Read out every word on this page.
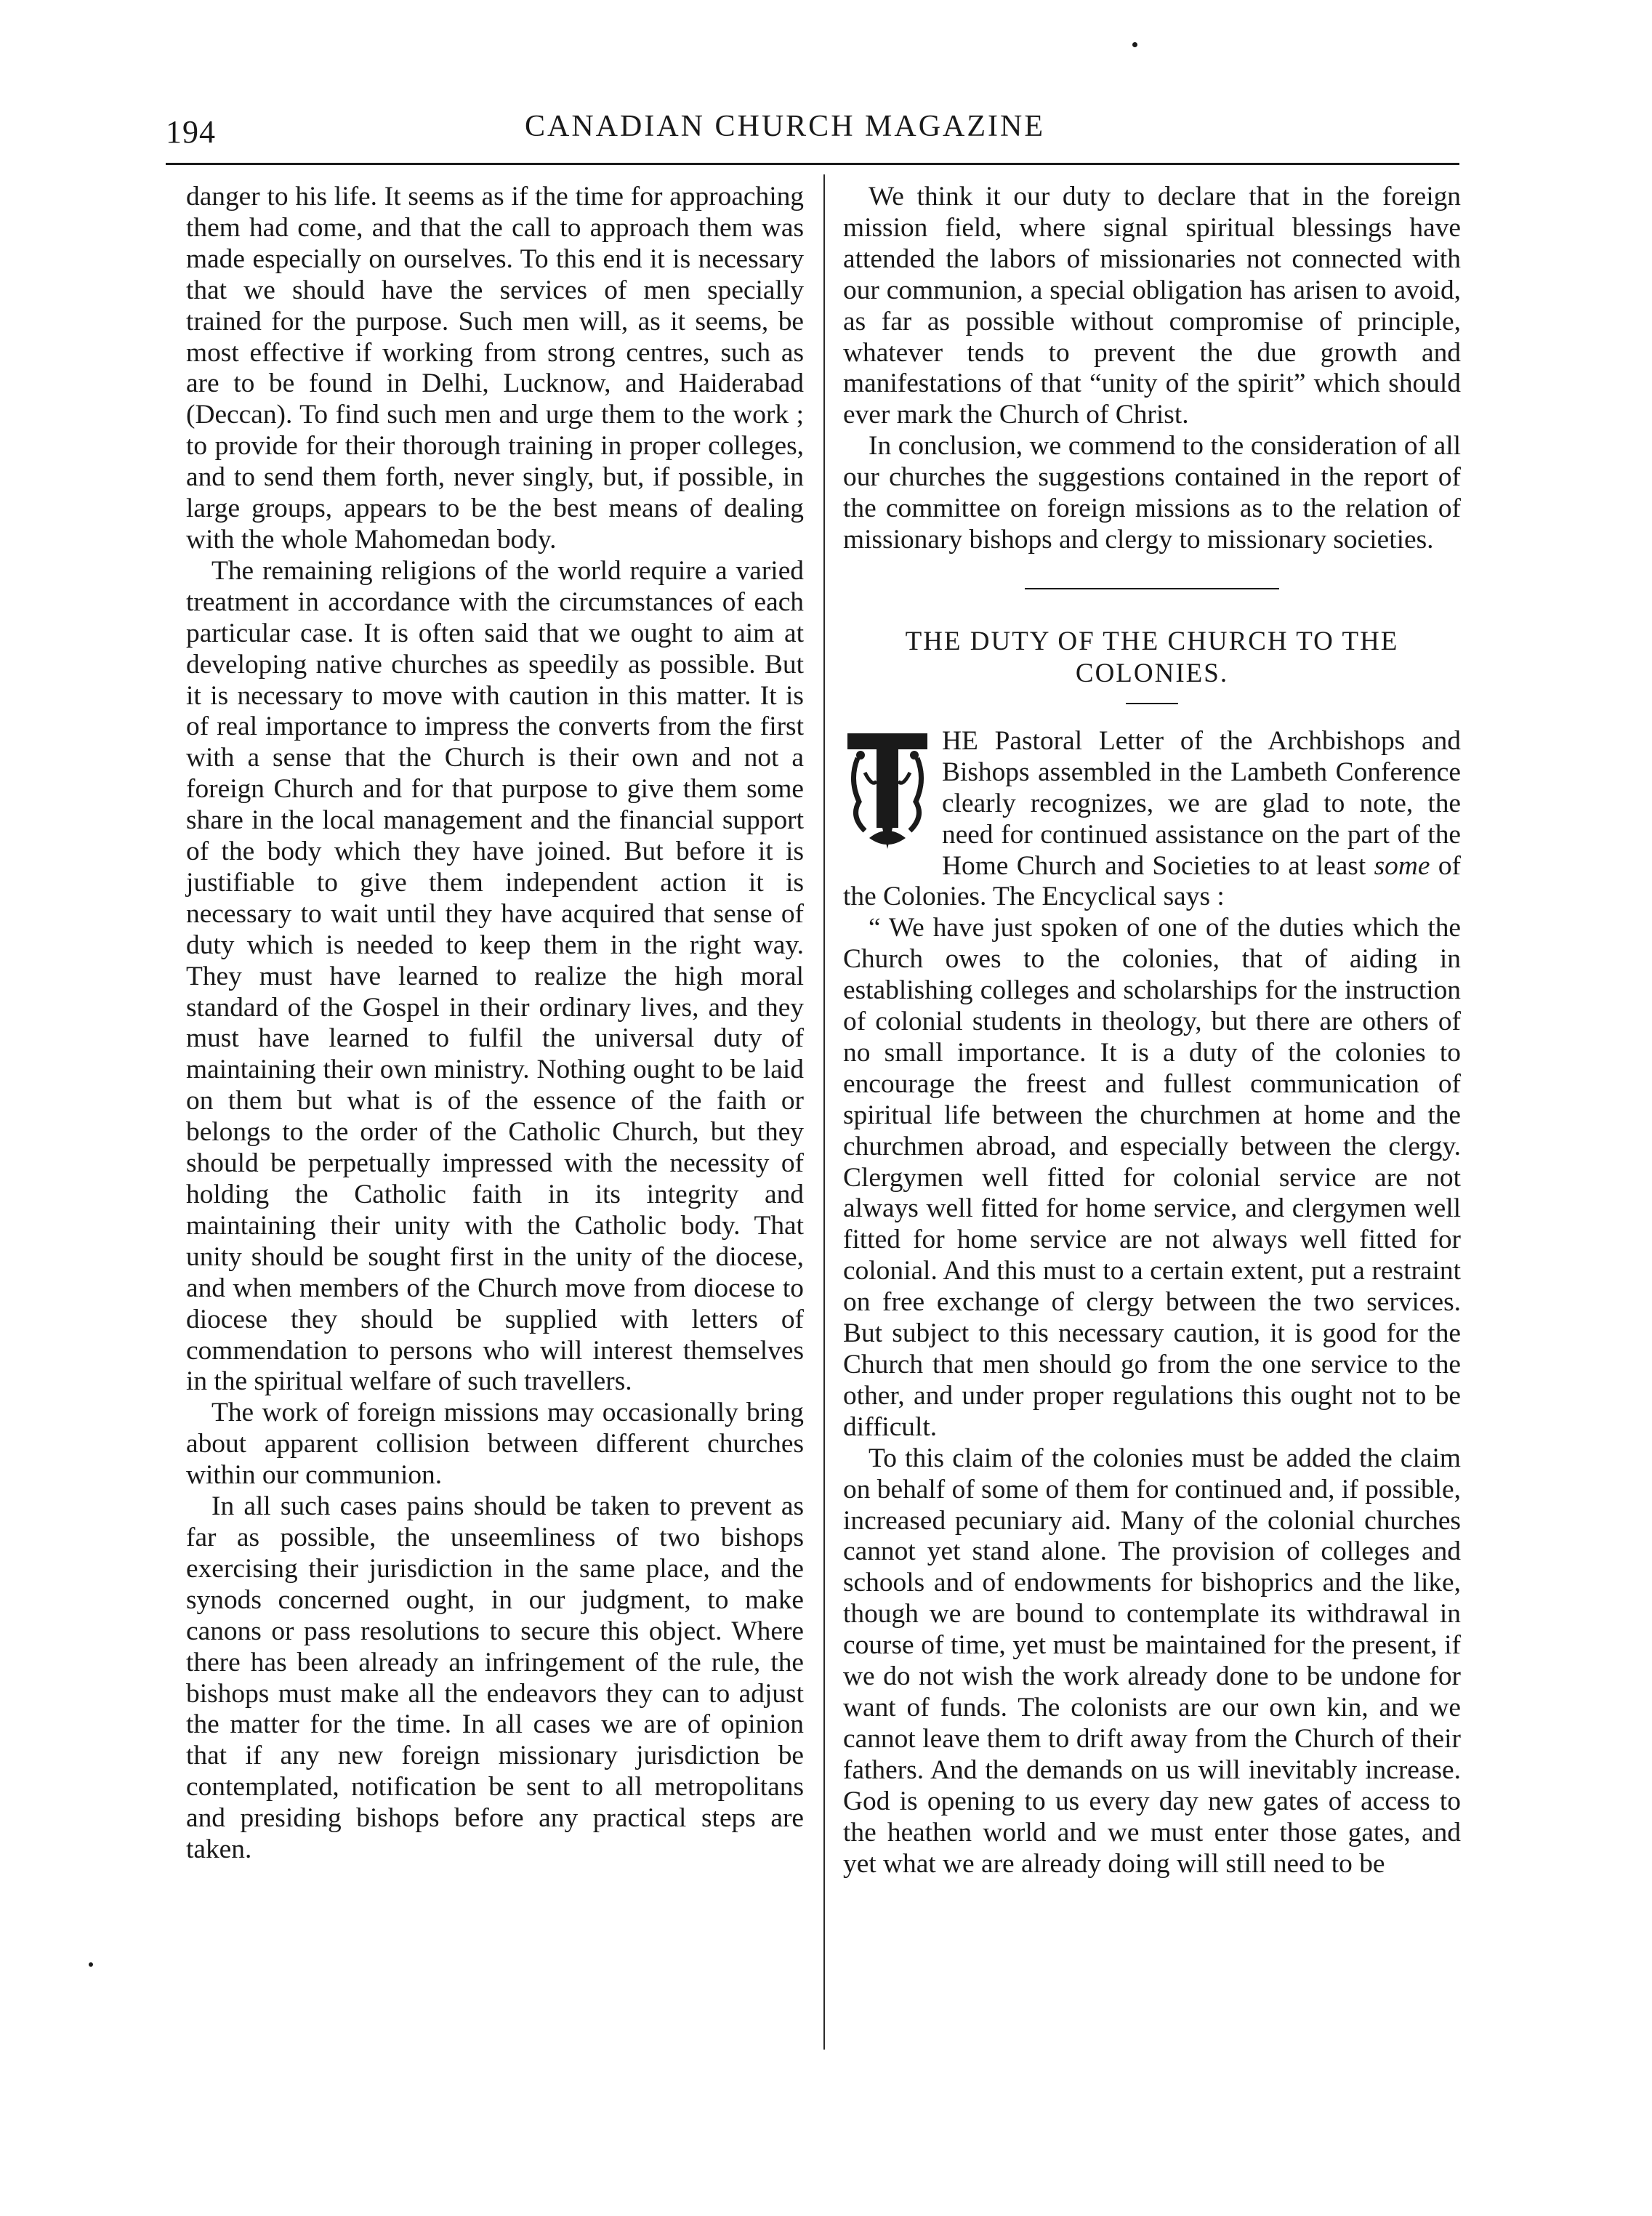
194	CANADIAN CHURCH MAGAZINE

danger to his life. It seems as if the time for approaching them had come, and that the call to approach them was made especially on ourselves. To this end it is necessary that we should have the services of men specially trained for the purpose. Such men will, as it seems, be most effective if working from strong centres, such as are to be found in Delhi, Lucknow, and Haiderabad (Deccan). To find such men and urge them to the work ; to provide for their thorough training in proper colleges, and to send them forth, never singly, but, if possible, in large groups, appears to be the best means of dealing with the whole Mahomedan body.

The remaining religions of the world require a varied treatment in accordance with the circumstances of each particular case. It is often said that we ought to aim at developing native churches as speedily as possible. But it is necessary to move with caution in this matter. It is of real importance to impress the converts from the first with a sense that the Church is their own and not a foreign Church and for that purpose to give them some share in the local management and the financial support of the body which they have joined. But before it is justifiable to give them independent action it is necessary to wait until they have acquired that sense of duty which is needed to keep them in the right way. They must have learned to realize the high moral standard of the Gospel in their ordinary lives, and they must have learned to fulfil the universal duty of maintaining their own ministry. Nothing ought to be laid on them but what is of the essence of the faith or belongs to the order of the Catholic Church, but they should be perpetually impressed with the necessity of holding the Catholic faith in its integrity and maintaining their unity with the Catholic body. That unity should be sought first in the unity of the diocese, and when members of the Church move from diocese to diocese they should be supplied with letters of commendation to persons who will interest themselves in the spiritual welfare of such travellers.

The work of foreign missions may occasionally bring about apparent collision between different churches within our communion.

In all such cases pains should be taken to prevent as far as possible, the unseemliness of two bishops exercising their jurisdiction in the same place, and the synods concerned ought, in our judgment, to make canons or pass resolutions to secure this object. Where there has been already an infringement of the rule, the bishops must make all the endeavors they can to adjust the matter for the time. In all cases we are of opinion that if any new foreign missionary jurisdiction be contemplated, notification be sent to all metropolitans and presiding bishops before any practical steps are taken.

We think it our duty to declare that in the foreign mission field, where signal spiritual blessings have attended the labors of missionaries not connected with our communion, a special obligation has arisen to avoid, as far as possible without compromise of principle, whatever tends to prevent the due growth and manifestations of that “unity of the spirit” which should ever mark the Church of Christ.

In conclusion, we commend to the consideration of all our churches the suggestions contained in the report of the committee on foreign missions as to the relation of missionary bishops and clergy to missionary societies.

THE DUTY OF THE CHURCH TO THE COLONIES.

HE Pastoral Letter of the Archbishops and Bishops assembled in the Lambeth Conference clearly recognizes, we are glad to note, the need for continued assistance on the part of the Home Church and Societies to at least some of the Colonies. The Encyclical says :

“ We have just spoken of one of the duties which the Church owes to the colonies, that of aiding in establishing colleges and scholarships for the instruction of colonial students in theology, but there are others of no small importance. It is a duty of the colonies to encourage the freest and fullest communication of spiritual life between the churchmen at home and the churchmen abroad, and especially between the clergy. Clergymen well fitted for colonial service are not always well fitted for home service, and clergymen well fitted for home service are not always well fitted for colonial. And this must to a certain extent, put a restraint on free exchange of clergy between the two services. But subject to this necessary caution, it is good for the Church that men should go from the one service to the other, and under proper regulations this ought not to be difficult.

To this claim of the colonies must be added the claim on behalf of some of them for continued and, if possible, increased pecuniary aid. Many of the colonial churches cannot yet stand alone. The provision of colleges and schools and of endowments for bishoprics and the like, though we are bound to contemplate its withdrawal in course of time, yet must be maintained for the present, if we do not wish the work already done to be undone for want of funds. The colonists are our own kin, and we cannot leave them to drift away from the Church of their fathers. And the demands on us will inevitably increase. God is opening to us every day new gates of access to the heathen world and we must enter those gates, and yet what we are already doing will still need to be
